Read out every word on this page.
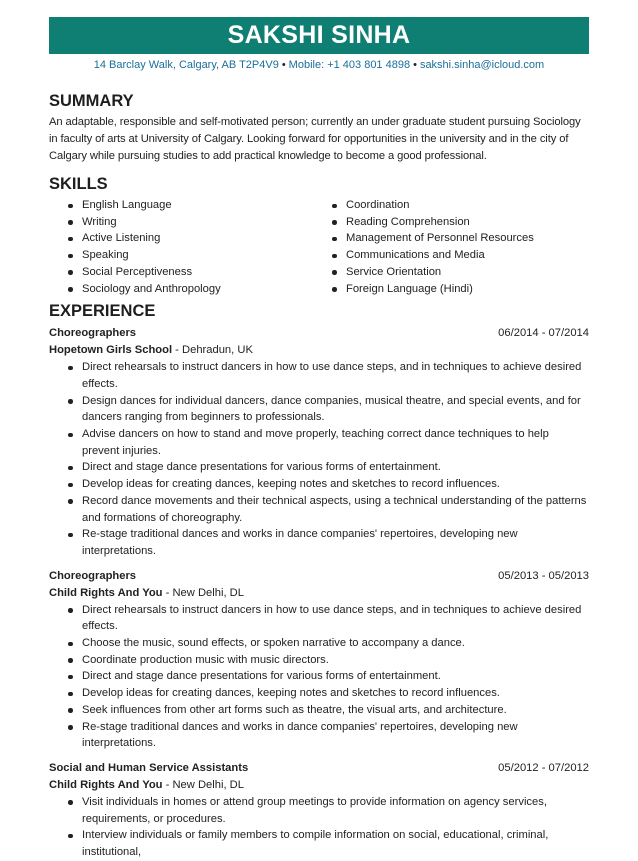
SAKSHI SINHA
14 Barclay Walk, Calgary, AB T2P4V9 • Mobile: +1 403 801 4898 • sakshi.sinha@icloud.com
SUMMARY
An adaptable, responsible and self-motivated person; currently an under graduate student pursuing Sociology in faculty of arts at University of Calgary. Looking forward for opportunities in the university and in the city of Calgary while pursuing studies to add practical knowledge to become a good professional.
SKILLS
English Language
Writing
Active Listening
Speaking
Social Perceptiveness
Sociology and Anthropology
Coordination
Reading Comprehension
Management of Personnel Resources
Communications and Media
Service Orientation
Foreign Language (Hindi)
EXPERIENCE
Choreographers	06/2014 - 07/2014
Hopetown Girls School - Dehradun, UK
Direct rehearsals to instruct dancers in how to use dance steps, and in techniques to achieve desired effects.
Design dances for individual dancers, dance companies, musical theatre, and special events, and for dancers ranging from beginners to professionals.
Advise dancers on how to stand and move properly, teaching correct dance techniques to help prevent injuries.
Direct and stage dance presentations for various forms of entertainment.
Develop ideas for creating dances, keeping notes and sketches to record influences.
Record dance movements and their technical aspects, using a technical understanding of the patterns and formations of choreography.
Re-stage traditional dances and works in dance companies' repertoires, developing new interpretations.
Choreographers	05/2013 - 05/2013
Child Rights And You - New Delhi, DL
Direct rehearsals to instruct dancers in how to use dance steps, and in techniques to achieve desired effects.
Choose the music, sound effects, or spoken narrative to accompany a dance.
Coordinate production music with music directors.
Direct and stage dance presentations for various forms of entertainment.
Develop ideas for creating dances, keeping notes and sketches to record influences.
Seek influences from other art forms such as theatre, the visual arts, and architecture.
Re-stage traditional dances and works in dance companies' repertoires, developing new interpretations.
Social and Human Service Assistants	05/2012 - 07/2012
Child Rights And You - New Delhi, DL
Visit individuals in homes or attend group meetings to provide information on agency services, requirements, or procedures.
Interview individuals or family members to compile information on social, educational, criminal, institutional,
